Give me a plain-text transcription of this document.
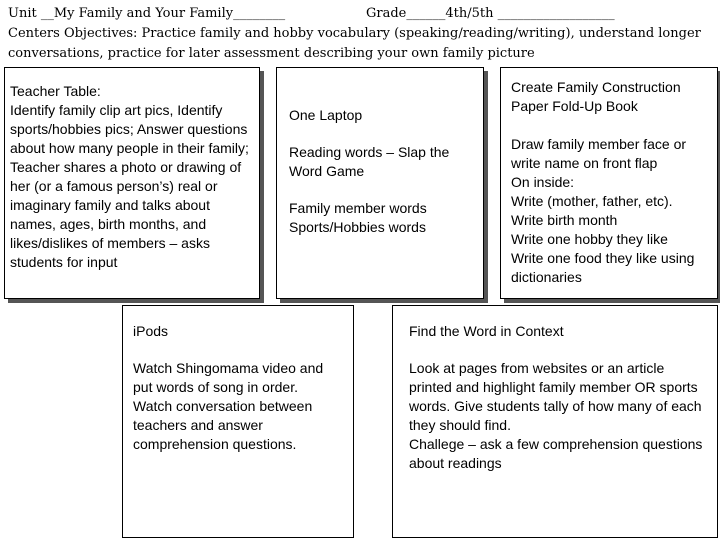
Unit __My Family and Your Family________	Grade______4th/5th __________________
Centers Objectives: Practice family and hobby vocabulary (speaking/reading/writing), understand longer conversations, practice for later assessment describing your own family picture

Teacher Table:
Identify family clip art pics, Identify sports/hobbies pics; Answer questions about how many people in their family; Teacher shares a photo or drawing of her (or a famous person’s) real or imaginary family and talks about names, ages, birth months, and likes/dislikes of members – asks students for input

One Laptop

Reading words – Slap the Word Game

Family member words
Sports/Hobbies words

Create Family Construction Paper Fold-Up Book

Draw family member face or write name on front flap
On inside:
Write (mother, father, etc).
Write birth month
Write one hobby they like
Write one food they like using dictionaries

iPods

Watch Shingomama video and put words of song in order.
Watch conversation between teachers and answer comprehension questions.

Find the Word in Context

Look at pages from websites or an article printed and highlight family member OR sports words. Give students tally of how many of each they should find.
Challege – ask a few comprehension questions about readings
